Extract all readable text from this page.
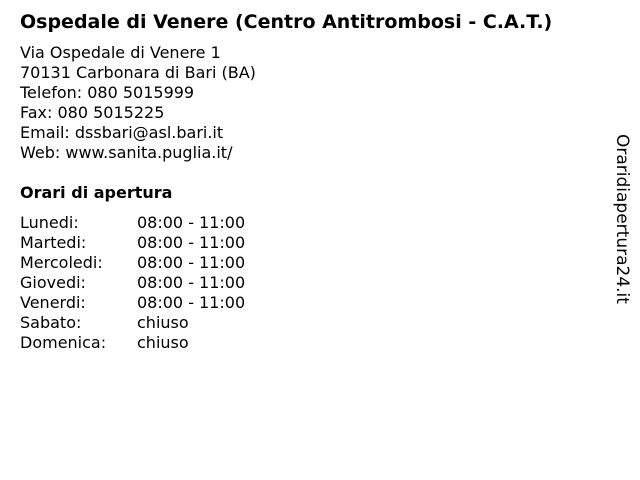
Ospedale di Venere (Centro Antitrombosi - C.A.T.)
Via Ospedale di Venere 1
70131 Carbonara di Bari (BA)
Telefon: 080 5015999
Fax: 080 5015225
Email: dssbari@asl.bari.it
Web: www.sanita.puglia.it/
Orari di apertura
Lunedi:	08:00 - 11:00
Martedi:	08:00 - 11:00
Mercoledi: 08:00 - 11:00
Giovedi:	08:00 - 11:00
Venerdi:	08:00 - 11:00
Sabato:	chiuso
Domenica: chiuso
Oraridiapertura24.it
